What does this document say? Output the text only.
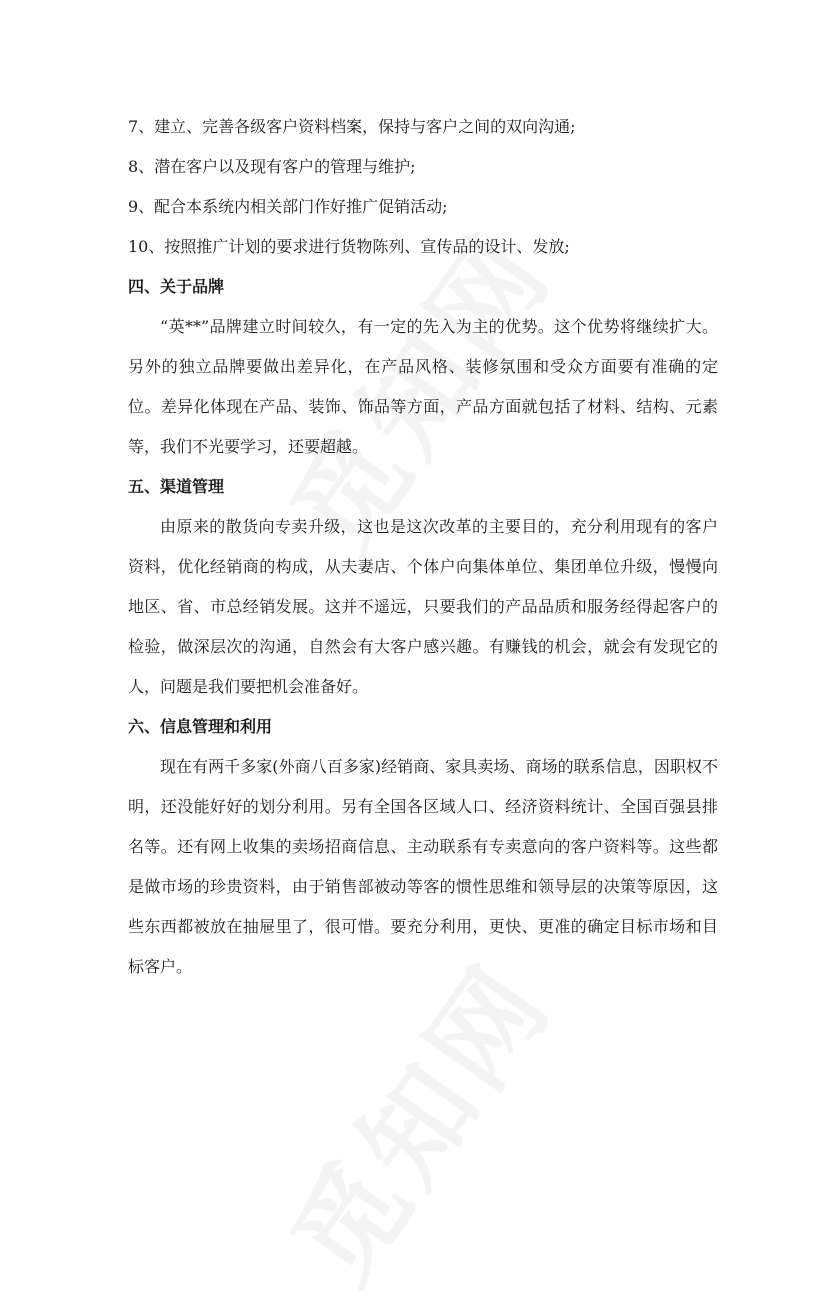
7、建立、完善各级客户资料档案，保持与客户之间的双向沟通;

8、潜在客户以及现有客户的管理与维护;

9、配合本系统内相关部门作好推广促销活动;

10、按照推广计划的要求进行货物陈列、宣传品的设计、发放;

四、关于品牌

“英**”品牌建立时间较久，有一定的先入为主的优势。这个优势将继续扩大。另外的独立品牌要做出差异化，在产品风格、装修氛围和受众方面要有准确的定位。差异化体现在产品、装饰、饰品等方面，产品方面就包括了材料、结构、元素等，我们不光要学习，还要超越。

五、渠道管理

由原来的散货向专卖升级，这也是这次改革的主要目的，充分利用现有的客户资料，优化经销商的构成，从夫妻店、个体户向集体单位、集团单位升级，慢慢向地区、省、市总经销发展。这并不遥远，只要我们的产品品质和服务经得起客户的检验，做深层次的沟通，自然会有大客户感兴趣。有赚钱的机会，就会有发现它的人，问题是我们要把机会准备好。

六、信息管理和利用

现在有两千多家(外商八百多家)经销商、家具卖场、商场的联系信息，因职权不明，还没能好好的划分利用。另有全国各区域人口、经济资料统计、全国百强县排名等。还有网上收集的卖场招商信息、主动联系有专卖意向的客户资料等。这些都是做市场的珍贵资料，由于销售部被动等客的惯性思维和领导层的决策等原因，这些东西都被放在抽屉里了，很可惜。要充分利用，更快、更准的确定目标市场和目标客户。
